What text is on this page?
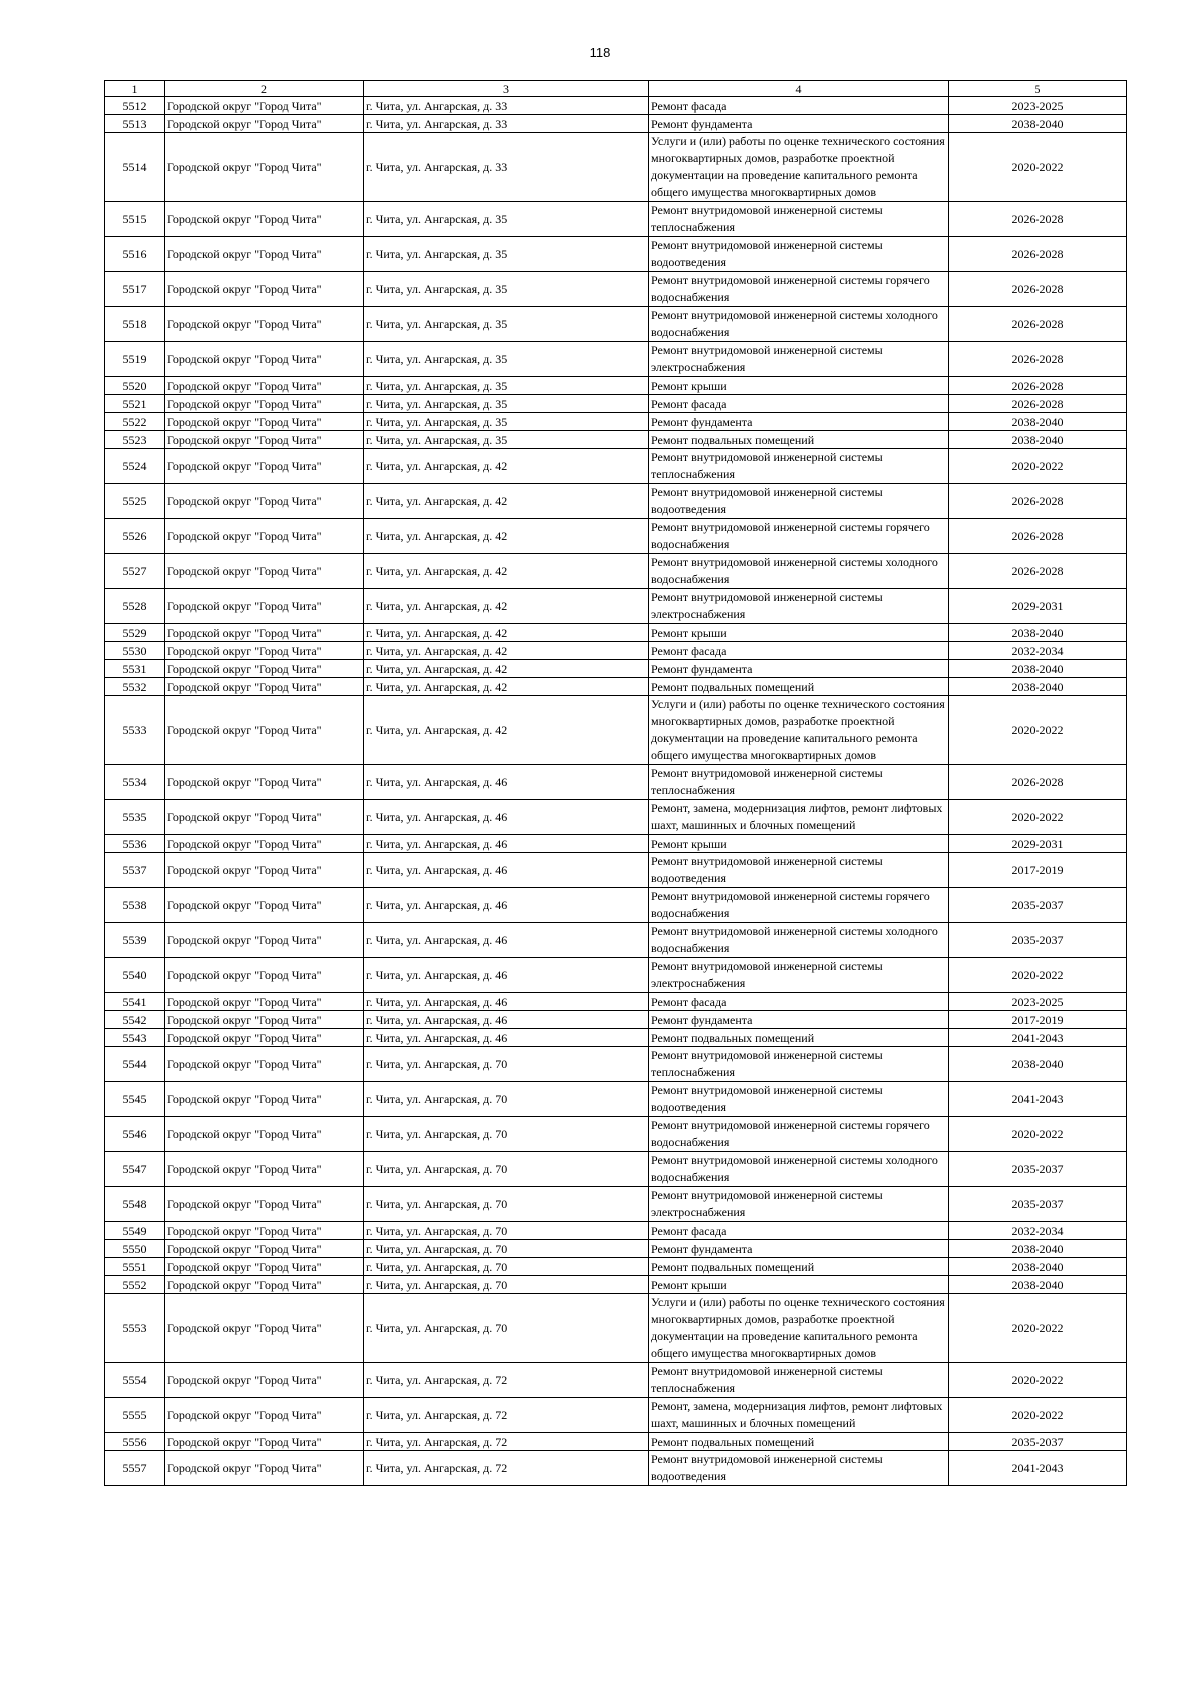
118
1	2	3	4	5
5512	Городской округ "Город Чита"	г. Чита, ул. Ангарская, д. 33	Ремонт фасада	2023-2025
5513	Городской округ "Город Чита"	г. Чита, ул. Ангарская, д. 33	Ремонт фундамента	2038-2040
5514	Городской округ "Город Чита"	г. Чита, ул. Ангарская, д. 33	Услуги и (или) работы по оценке технического состояния многоквартирных домов, разработке проектной документации на проведение капитального ремонта общего имущества многоквартирных домов	2020-2022
5515	Городской округ "Город Чита"	г. Чита, ул. Ангарская, д. 35	Ремонт внутридомовой инженерной системы теплоснабжения	2026-2028
5516	Городской округ "Город Чита"	г. Чита, ул. Ангарская, д. 35	Ремонт внутридомовой инженерной системы водоотведения	2026-2028
5517	Городской округ "Город Чита"	г. Чита, ул. Ангарская, д. 35	Ремонт внутридомовой инженерной системы горячего водоснабжения	2026-2028
5518	Городской округ "Город Чита"	г. Чита, ул. Ангарская, д. 35	Ремонт внутридомовой инженерной системы холодного водоснабжения	2026-2028
5519	Городской округ "Город Чита"	г. Чита, ул. Ангарская, д. 35	Ремонт внутридомовой инженерной системы электроснабжения	2026-2028
5520	Городской округ "Город Чита"	г. Чита, ул. Ангарская, д. 35	Ремонт крыши	2026-2028
5521	Городской округ "Город Чита"	г. Чита, ул. Ангарская, д. 35	Ремонт фасада	2026-2028
5522	Городской округ "Город Чита"	г. Чита, ул. Ангарская, д. 35	Ремонт фундамента	2038-2040
5523	Городской округ "Город Чита"	г. Чита, ул. Ангарская, д. 35	Ремонт подвальных помещений	2038-2040
5524	Городской округ "Город Чита"	г. Чита, ул. Ангарская, д. 42	Ремонт внутридомовой инженерной системы теплоснабжения	2020-2022
5525	Городской округ "Город Чита"	г. Чита, ул. Ангарская, д. 42	Ремонт внутридомовой инженерной системы водоотведения	2026-2028
5526	Городской округ "Город Чита"	г. Чита, ул. Ангарская, д. 42	Ремонт внутридомовой инженерной системы горячего водоснабжения	2026-2028
5527	Городской округ "Город Чита"	г. Чита, ул. Ангарская, д. 42	Ремонт внутридомовой инженерной системы холодного водоснабжения	2026-2028
5528	Городской округ "Город Чита"	г. Чита, ул. Ангарская, д. 42	Ремонт внутридомовой инженерной системы электроснабжения	2029-2031
5529	Городской округ "Город Чита"	г. Чита, ул. Ангарская, д. 42	Ремонт крыши	2038-2040
5530	Городской округ "Город Чита"	г. Чита, ул. Ангарская, д. 42	Ремонт фасада	2032-2034
5531	Городской округ "Город Чита"	г. Чита, ул. Ангарская, д. 42	Ремонт фундамента	2038-2040
5532	Городской округ "Город Чита"	г. Чита, ул. Ангарская, д. 42	Ремонт подвальных помещений	2038-2040
5533	Городской округ "Город Чита"	г. Чита, ул. Ангарская, д. 42	Услуги и (или) работы по оценке технического состояния многоквартирных домов, разработке проектной документации на проведение капитального ремонта общего имущества многоквартирных домов	2020-2022
5534	Городской округ "Город Чита"	г. Чита, ул. Ангарская, д. 46	Ремонт внутридомовой инженерной системы теплоснабжения	2026-2028
5535	Городской округ "Город Чита"	г. Чита, ул. Ангарская, д. 46	Ремонт, замена, модернизация лифтов, ремонт лифтовых шахт, машинных и блочных помещений	2020-2022
5536	Городской округ "Город Чита"	г. Чита, ул. Ангарская, д. 46	Ремонт крыши	2029-2031
5537	Городской округ "Город Чита"	г. Чита, ул. Ангарская, д. 46	Ремонт внутридомовой инженерной системы водоотведения	2017-2019
5538	Городской округ "Город Чита"	г. Чита, ул. Ангарская, д. 46	Ремонт внутридомовой инженерной системы горячего водоснабжения	2035-2037
5539	Городской округ "Город Чита"	г. Чита, ул. Ангарская, д. 46	Ремонт внутридомовой инженерной системы холодного водоснабжения	2035-2037
5540	Городской округ "Город Чита"	г. Чита, ул. Ангарская, д. 46	Ремонт внутридомовой инженерной системы электроснабжения	2020-2022
5541	Городской округ "Город Чита"	г. Чита, ул. Ангарская, д. 46	Ремонт фасада	2023-2025
5542	Городской округ "Город Чита"	г. Чита, ул. Ангарская, д. 46	Ремонт фундамента	2017-2019
5543	Городской округ "Город Чита"	г. Чита, ул. Ангарская, д. 46	Ремонт подвальных помещений	2041-2043
5544	Городской округ "Город Чита"	г. Чита, ул. Ангарская, д. 70	Ремонт внутридомовой инженерной системы теплоснабжения	2038-2040
5545	Городской округ "Город Чита"	г. Чита, ул. Ангарская, д. 70	Ремонт внутридомовой инженерной системы водоотведения	2041-2043
5546	Городской округ "Город Чита"	г. Чита, ул. Ангарская, д. 70	Ремонт внутридомовой инженерной системы горячего водоснабжения	2020-2022
5547	Городской округ "Город Чита"	г. Чита, ул. Ангарская, д. 70	Ремонт внутридомовой инженерной системы холодного водоснабжения	2035-2037
5548	Городской округ "Город Чита"	г. Чита, ул. Ангарская, д. 70	Ремонт внутридомовой инженерной системы электроснабжения	2035-2037
5549	Городской округ "Город Чита"	г. Чита, ул. Ангарская, д. 70	Ремонт фасада	2032-2034
5550	Городской округ "Город Чита"	г. Чита, ул. Ангарская, д. 70	Ремонт фундамента	2038-2040
5551	Городской округ "Город Чита"	г. Чита, ул. Ангарская, д. 70	Ремонт подвальных помещений	2038-2040
5552	Городской округ "Город Чита"	г. Чита, ул. Ангарская, д. 70	Ремонт крыши	2038-2040
5553	Городской округ "Город Чита"	г. Чита, ул. Ангарская, д. 70	Услуги и (или) работы по оценке технического состояния многоквартирных домов, разработке проектной документации на проведение капитального ремонта общего имущества многоквартирных домов	2020-2022
5554	Городской округ "Город Чита"	г. Чита, ул. Ангарская, д. 72	Ремонт внутридомовой инженерной системы теплоснабжения	2020-2022
5555	Городской округ "Город Чита"	г. Чита, ул. Ангарская, д. 72	Ремонт, замена, модернизация лифтов, ремонт лифтовых шахт, машинных и блочных помещений	2020-2022
5556	Городской округ "Город Чита"	г. Чита, ул. Ангарская, д. 72	Ремонт подвальных помещений	2035-2037
5557	Городской округ "Город Чита"	г. Чита, ул. Ангарская, д. 72	Ремонт внутридомовой инженерной системы водоотведения	2041-2043
